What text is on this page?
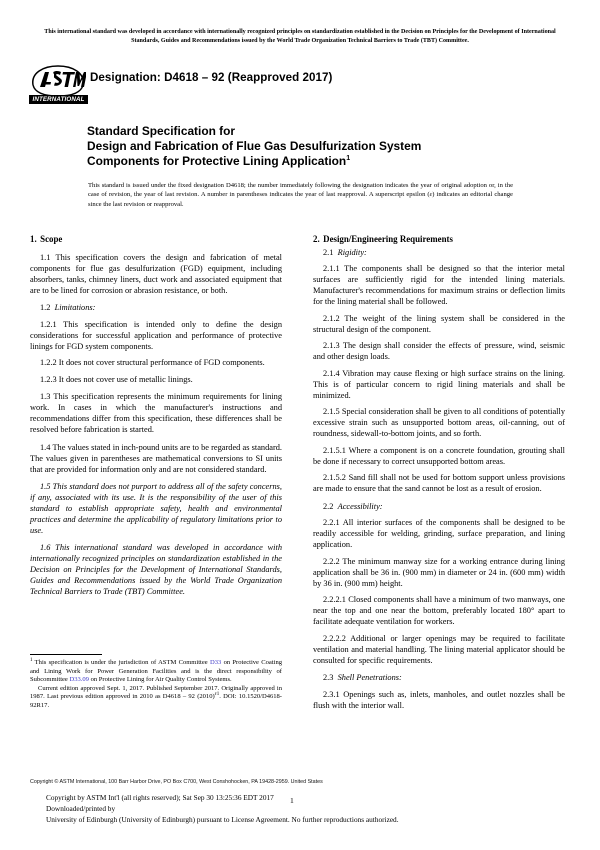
This international standard was developed in accordance with internationally recognized principles on standardization established in the Decision on Principles for the Development of International Standards, Guides and Recommendations issued by the World Trade Organization Technical Barriers to Trade (TBT) Committee.
INTERNATIONAL
Designation: D4618 – 92 (Reapproved 2017)
Standard Specification for
Design and Fabrication of Flue Gas Desulfurization System
Components for Protective Lining Application$^1$
This standard is issued under the fixed designation D4618; the number immediately following the designation indicates the year of original adoption or, in the case of revision, the year of last revision. A number in parentheses indicates the year of last reapproval. A superscript epsilon (ε) indicates an editorial change since the last revision or reapproval.
1. Scope

1.1 This specification covers the design and fabrication of metal components for flue gas desulfurization (FGD) equipment, including absorbers, tanks, chimney liners, duct work and associated equipment that are to be lined for corrosion or abrasion resistance, or both.

1.2 Limitations:

1.2.1 This specification is intended only to define the design considerations for successful application and performance of protective linings for FGD system components.

1.2.2 It does not cover structural performance of FGD components.

1.2.3 It does not cover use of metallic linings.

1.3 This specification represents the minimum requirements for lining work. In cases in which the manufacturer's instructions and recommendations differ from this specification, these differences shall be resolved before fabrication is started.

1.4 The values stated in inch-pound units are to be regarded as standard. The values given in parentheses are mathematical conversions to SI units that are provided for information only and are not considered standard.

1.5 This standard does not purport to address all of the safety concerns, if any, associated with its use. It is the responsibility of the user of this standard to establish appropriate safety, health and environmental practices and determine the applicability of regulatory limitations prior to use.

1.6 This international standard was developed in accordance with internationally recognized principles on standardization established in the Decision on Principles for the Development of International Standards, Guides and Recommendations issued by the World Trade Organization Technical Barriers to Trade (TBT) Committee.

2. Design/Engineering Requirements

2.1 Rigidity:

2.1.1 The components shall be designed so that the interior metal surfaces are sufficiently rigid for the intended lining materials. Manufacturer's recommendations for maximum strains or deflection limits for the lining material shall be followed.

2.1.2 The weight of the lining system shall be considered in the structural design of the component.

2.1.3 The design shall consider the effects of pressure, wind, seismic and other design loads.

2.1.4 Vibration may cause flexing or high surface strains on the lining. This is of particular concern to rigid lining materials and shall be minimized.

2.1.5 Special consideration shall be given to all conditions of potentially excessive strain such as unsupported bottom areas, oil-canning, out of roundness, sidewall-to-bottom joints, and so forth.

2.1.5.1 Where a component is on a concrete foundation, grouting shall be done if necessary to correct unsupported bottom areas.

2.1.5.2 Sand fill shall not be used for bottom support unless provisions are made to ensure that the sand cannot be lost as a result of erosion.

2.2 Accessibility:

2.2.1 All interior surfaces of the components shall be designed to be readily accessible for welding, grinding, surface preparation, and lining application.

2.2.2 The minimum manway size for a working entrance during lining application shall be 36 in. (900 mm) in diameter or 24 in. (600 mm) width by 36 in. (900 mm) height.

2.2.2.1 Closed components shall have a minimum of two manways, one near the top and one near the bottom, preferably located 180° apart to facilitate adequate ventilation for workers.

2.2.2.2 Additional or larger openings may be required to facilitate ventilation and material handling. The lining material applicator should be consulted for specific requirements.

2.3 Shell Penetrations:

2.3.1 Openings such as, inlets, manholes, and outlet nozzles shall be flush with the interior wall.

$^1$ This specification is under the jurisdiction of ASTM Committee D33 on Protective Coating and Lining Work for Power Generation Facilities and is the direct responsibility of Subcommittee D33.09 on Protective Lining for Air Quality Control Systems.

Current edition approved Sept. 1, 2017. Published September 2017. Originally approved in 1987. Last previous edition approved in 2010 as D4618 – 92 $(2010)^{\varepsilon 1}$. DOI: 10.1520/D4618-92R17.

Copyright © ASTM International, 100 Barr Harbor Drive, PO Box C700, West Conshohocken, PA 19428-2959. United States
Copyright by ASTM Int'l (all rights reserved); Sat Sep 30 13:25:36 EDT 2017
Downloaded/printed by
University of Edinburgh (University of Edinburgh) pursuant to License Agreement. No further reproductions authorized.
1
